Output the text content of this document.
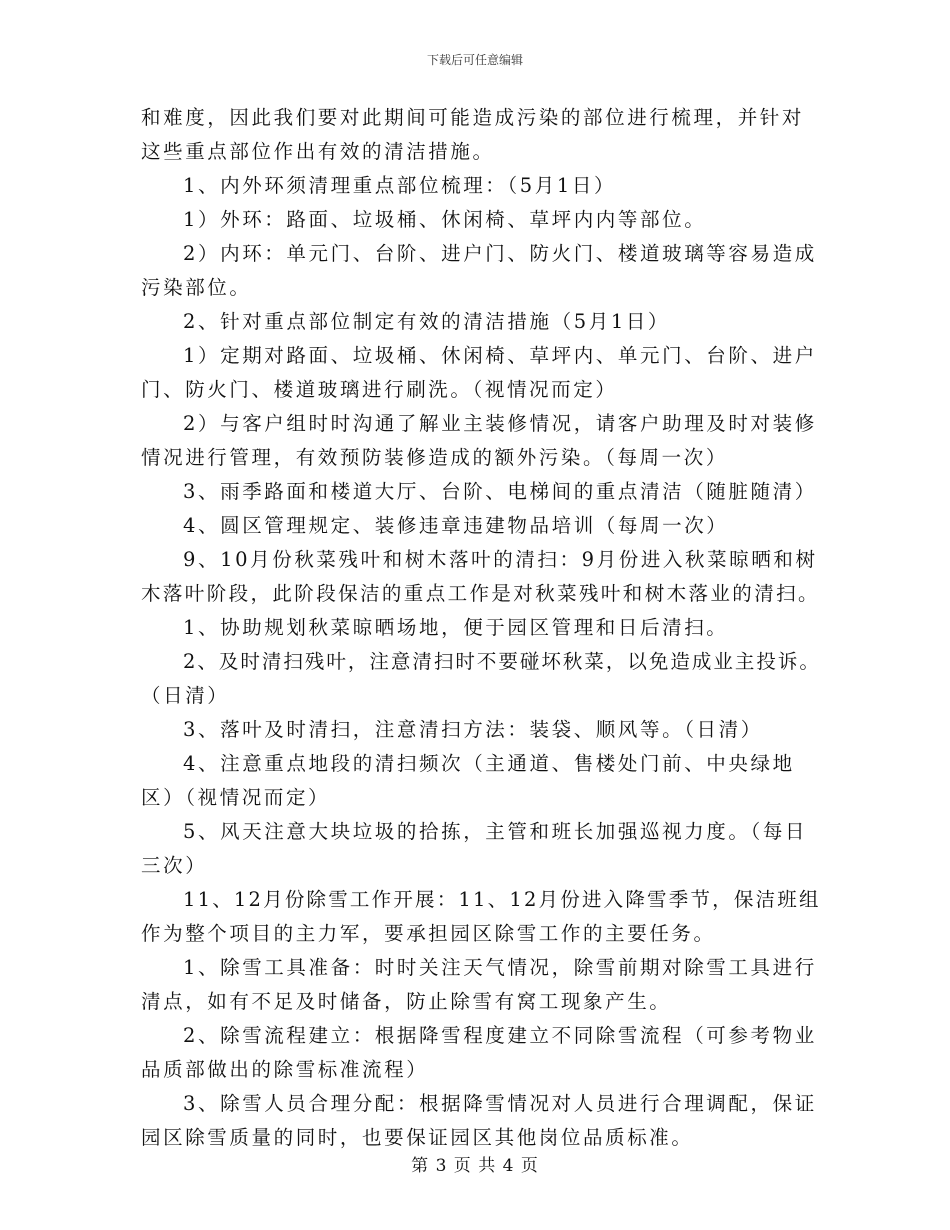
下载后可任意编辑
和难度，因此我们要对此期间可能造成污染的部位进行梳理，并针对
这些重点部位作出有效的清洁措施。
1、内外环须清理重点部位梳理：（5月1日）
1）外环：路面、垃圾桶、休闲椅、草坪内内等部位。
2）内环：单元门、台阶、进户门、防火门、楼道玻璃等容易造成
污染部位。
2、针对重点部位制定有效的清洁措施（5月1日）
1）定期对路面、垃圾桶、休闲椅、草坪内、单元门、台阶、进户
门、防火门、楼道玻璃进行刷洗。（视情况而定）
2）与客户组时时沟通了解业主装修情况，请客户助理及时对装修
情况进行管理，有效预防装修造成的额外污染。（每周一次）
3、雨季路面和楼道大厅、台阶、电梯间的重点清洁（随脏随清）
4、圆区管理规定、装修违章违建物品培训（每周一次）
9、10月份秋菜残叶和树木落叶的清扫：9月份进入秋菜晾晒和树
木落叶阶段，此阶段保洁的重点工作是对秋菜残叶和树木落业的清扫。
1、协助规划秋菜晾晒场地，便于园区管理和日后清扫。
2、及时清扫残叶，注意清扫时不要碰坏秋菜，以免造成业主投诉。
（日清）
3、落叶及时清扫，注意清扫方法：装袋、顺风等。（日清）
4、注意重点地段的清扫频次（主通道、售楼处门前、中央绿地
区）（视情况而定）
5、风天注意大块垃圾的拾拣，主管和班长加强巡视力度。（每日
三次）
11、12月份除雪工作开展：11、12月份进入降雪季节，保洁班组
作为整个项目的主力军，要承担园区除雪工作的主要任务。
1、除雪工具准备：时时关注天气情况，除雪前期对除雪工具进行
清点，如有不足及时储备，防止除雪有窝工现象产生。
2、除雪流程建立：根据降雪程度建立不同除雪流程（可参考物业
品质部做出的除雪标准流程）
3、除雪人员合理分配：根据降雪情况对人员进行合理调配，保证
园区除雪质量的同时，也要保证园区其他岗位品质标准。
第 3 页 共 4 页
